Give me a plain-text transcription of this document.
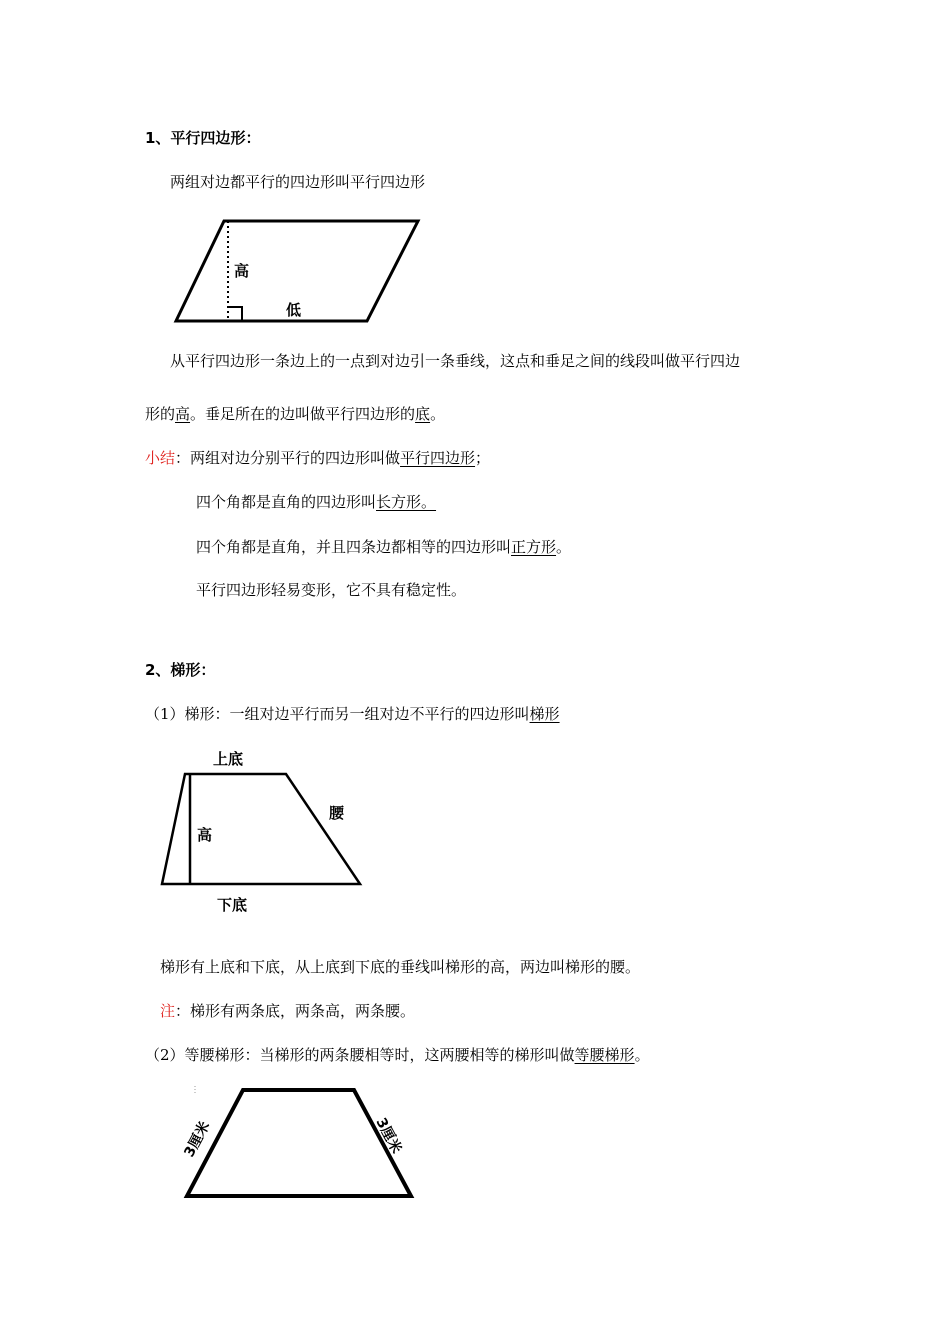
1、平行四边形：
两组对边都平行的四边形叫平行四边形
高
低
从平行四边形一条边上的一点到对边引一条垂线，这点和垂足之间的线段叫做平行四边
形的高。垂足所在的边叫做平行四边形的底。
小结：两组对边分别平行的四边形叫做平行四边形；
四个角都是直角的四边形叫长方形。
四个角都是直角，并且四条边都相等的四边形叫正方形。
平行四边形轻易变形，它不具有稳定性。
2、梯形：
（1）梯形：一组对边平行而另一组对边不平行的四边形叫梯形
上底
高
腰
下底
梯形有上底和下底，从上底到下底的垂线叫梯形的高，两边叫梯形的腰。
注：梯形有两条底，两条高，两条腰。
（2）等腰梯形：当梯形的两条腰相等时，这两腰相等的梯形叫做等腰梯形。
3厘米	3厘米
